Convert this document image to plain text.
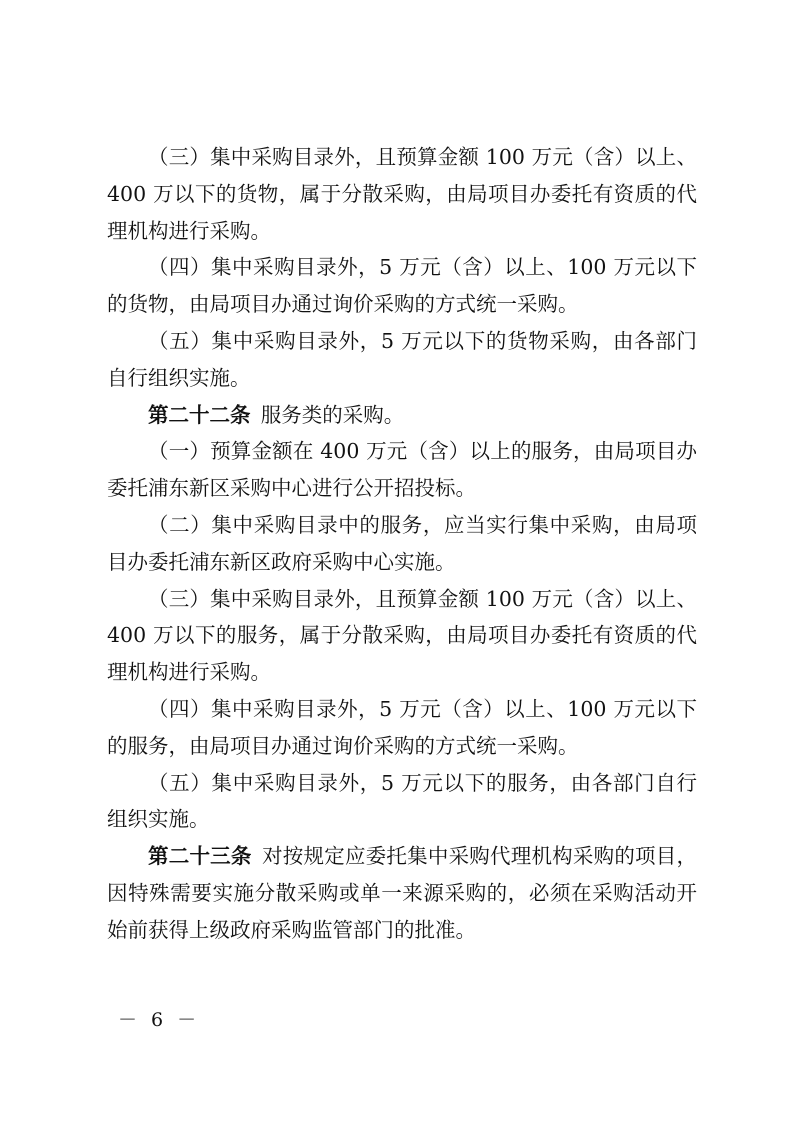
（三）集中采购目录外，且预算金额 100 万元（含）以上、400 万以下的货物，属于分散采购，由局项目办委托有资质的代理机构进行采购。

（四）集中采购目录外，5 万元（含）以上、100 万元以下的货物，由局项目办通过询价采购的方式统一采购。

（五）集中采购目录外，5 万元以下的货物采购，由各部门自行组织实施。

第二十二条  服务类的采购。

（一）预算金额在 400 万元（含）以上的服务，由局项目办委托浦东新区采购中心进行公开招投标。

（二）集中采购目录中的服务，应当实行集中采购，由局项目办委托浦东新区政府采购中心实施。

（三）集中采购目录外，且预算金额 100 万元（含）以上、400 万以下的服务，属于分散采购，由局项目办委托有资质的代理机构进行采购。

（四）集中采购目录外，5 万元（含）以上、100 万元以下的服务，由局项目办通过询价采购的方式统一采购。

（五）集中采购目录外，5 万元以下的服务，由各部门自行组织实施。

第二十三条  对按规定应委托集中采购代理机构采购的项目，因特殊需要实施分散采购或单一来源采购的，必须在采购活动开始前获得上级政府采购监管部门的批准。

－ 6 －
